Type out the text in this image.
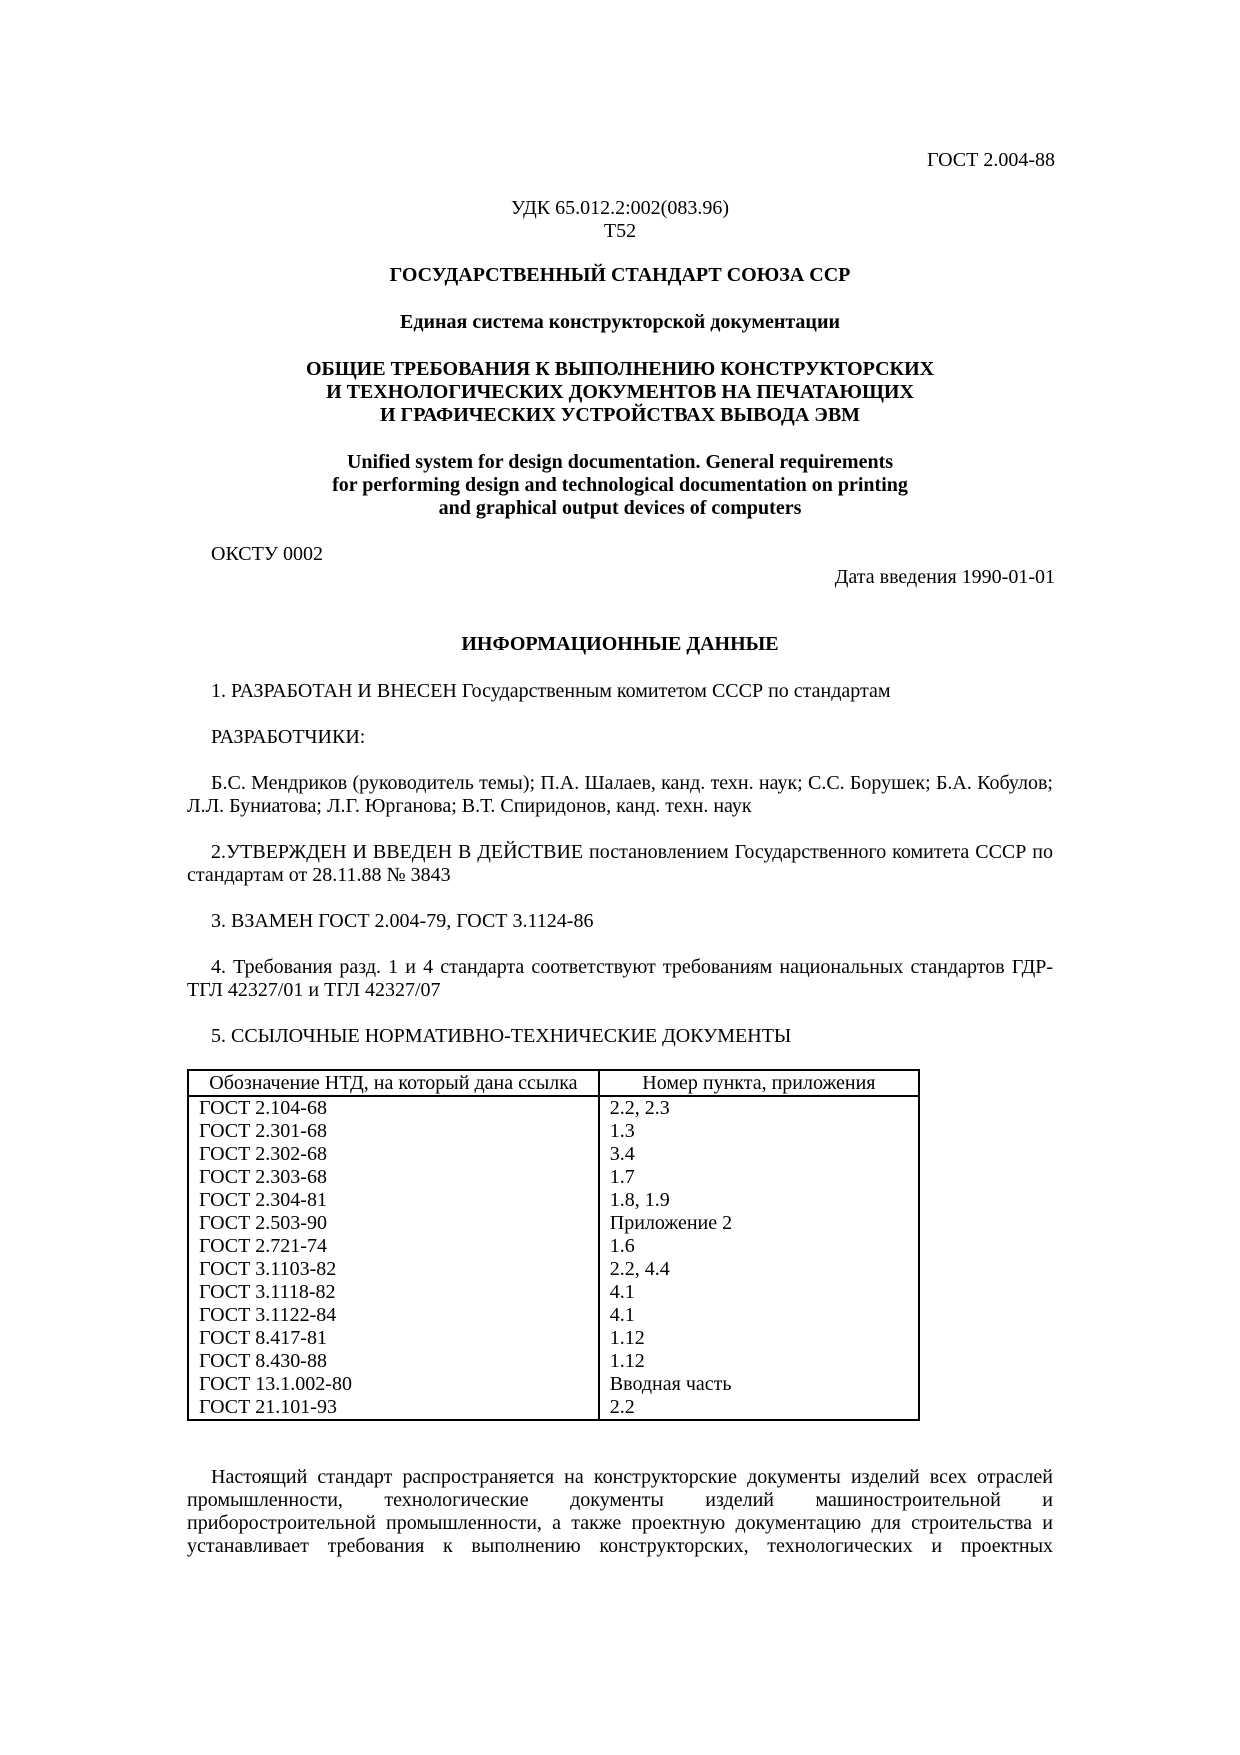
ГОСТ 2.004-88

УДК 65.012.2:002(083.96)

Т52

ГОСУДАРСТВЕННЫЙ СТАНДАРТ СОЮЗА ССР

Единая система конструкторской документации

ОБЩИЕ ТРЕБОВАНИЯ К ВЫПОЛНЕНИЮ КОНСТРУКТОРСКИХ
И ТЕХНОЛОГИЧЕСКИХ ДОКУМЕНТОВ НА ПЕЧАТАЮЩИХ
И ГРАФИЧЕСКИХ УСТРОЙСТВАХ ВЫВОДА ЭВМ
Unified system for design documentation. General requirements
for performing design and technological documentation on printing
and graphical output devices of computers

ОКСТУ 0002

Дата введения 1990-01-01

ИНФОРМАЦИОННЫЕ ДАННЫЕ

1. РАЗРАБОТАН И ВНЕСЕН Государственным комитетом СССР по стандартам

РАЗРАБОТЧИКИ:

Б.С. Мендриков (руководитель темы); П.А. Шалаев, канд. техн. наук; С.С. Борушек; Б.А. Кобулов; Л.Л. Буниатова; Л.Г. Юрганова; В.Т. Спиридонов, канд. техн. наук

2.УТВЕРЖДЕН И ВВЕДЕН В ДЕЙСТВИЕ постановлением Государственного комитета СССР по стандартам от 28.11.88 № 3843

3. ВЗАМЕН ГОСТ 2.004-79, ГОСТ 3.1124-86

4. Требования разд. 1 и 4 стандарта соответствуют требованиям национальных стандартов ГДР-ТГЛ 42327/01 и ТГЛ 42327/07

5. ССЫЛОЧНЫЕ НОРМАТИВНО-ТЕХНИЧЕСКИЕ ДОКУМЕНТЫ

Обозначение НТД, на который дана ссылка	Номер пункта, приложения
ГОСТ 2.104-68	2.2, 2.3
ГОСТ 2.301-68	1.3
ГОСТ 2.302-68	3.4
ГОСТ 2.303-68	1.7
ГОСТ 2.304-81	1.8, 1.9
ГОСТ 2.503-90	Приложение 2
ГОСТ 2.721-74	1.6
ГОСТ 3.1103-82	2.2, 4.4
ГОСТ 3.1118-82	4.1
ГОСТ 3.1122-84	4.1
ГОСТ 8.417-81	1.12
ГОСТ 8.430-88	1.12
ГОСТ 13.1.002-80	Вводная часть
ГОСТ 21.101-93	2.2
Настоящий стандарт распространяется на конструкторские документы изделий всех отраслей
промышленности, технологические документы изделий машиностроительной и
приборостроительной промышленности, а также проектную документацию для строительства и
устанавливает требования к выполнению конструкторских, технологических и проектных
